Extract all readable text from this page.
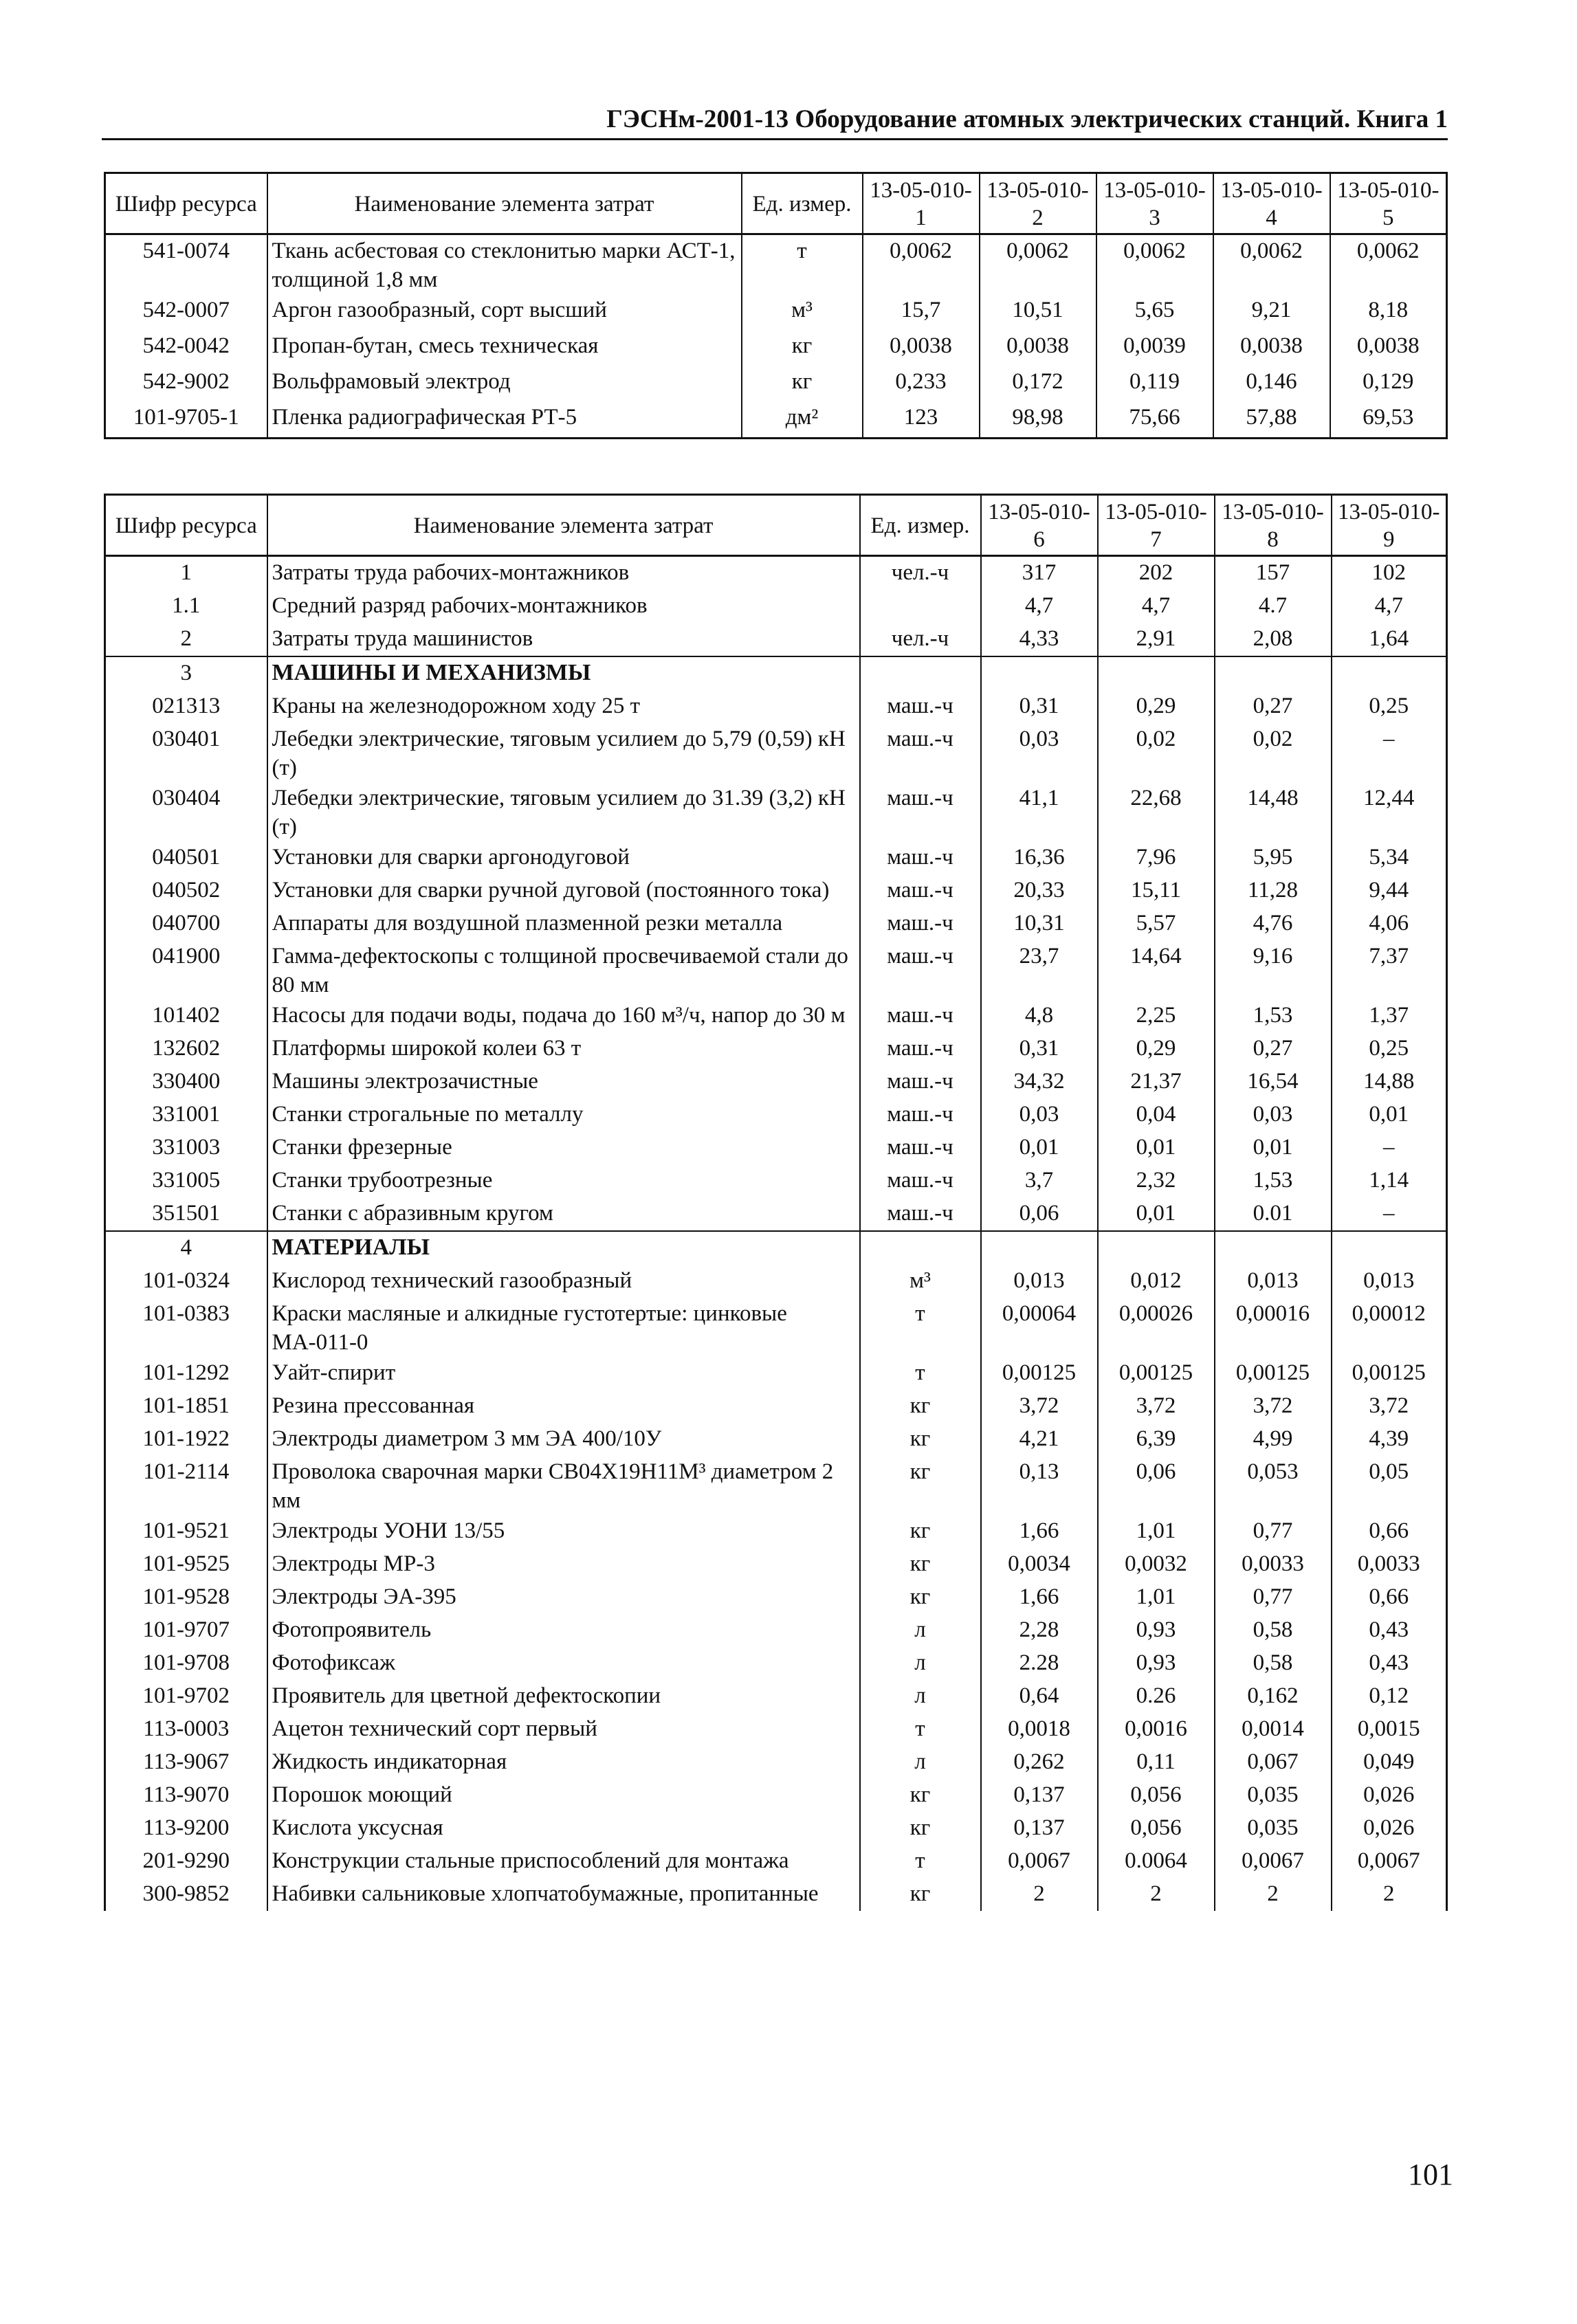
ГЭСНм-2001-13 Оборудование атомных электрических станций. Книга 1
Шифр ресурса	Наименование элемента затрат	Ед. измер.	13-05-010-1	13-05-010-2	13-05-010-3	13-05-010-4	13-05-010-5
541-0074	Ткань асбестовая со стеклонитью марки АСТ-1, толщиной 1,8 мм	т	0,0062	0,0062	0,0062	0,0062	0,0062
542-0007	Аргон газообразный, сорт высший	м³	15,7	10,51	5,65	9,21	8,18
542-0042	Пропан-бутан, смесь техническая	кг	0,0038	0,0038	0,0039	0,0038	0,0038
542-9002	Вольфрамовый электрод	кг	0,233	0,172	0,119	0,146	0,129
101-9705-1	Пленка радиографическая РТ-5	дм²	123	98,98	75,66	57,88	69,53
Шифр ресурса	Наименование элемента затрат	Ед. измер.	13-05-010-6	13-05-010-7	13-05-010-8	13-05-010-9
1	Затраты труда рабочих-монтажников	чел.-ч	317	202	157	102
1.1	Средний разряд рабочих-монтажников		4,7	4,7	4.7	4,7
2	Затраты труда машинистов	чел.-ч	4,33	2,91	2,08	1,64
3	МАШИНЫ И МЕХАНИЗМЫ					
021313	Краны на железнодорожном ходу 25 т	маш.-ч	0,31	0,29	0,27	0,25
030401	Лебедки электрические, тяговым усилием до 5,79 (0,59) кН (т)	маш.-ч	0,03	0,02	0,02	–
030404	Лебедки электрические, тяговым усилием до 31.39 (3,2) кН (т)	маш.-ч	41,1	22,68	14,48	12,44
040501	Установки для сварки аргонодуговой	маш.-ч	16,36	7,96	5,95	5,34
040502	Установки для сварки ручной дуговой (постоянного тока)	маш.-ч	20,33	15,11	11,28	9,44
040700	Аппараты для воздушной плазменной резки металла	маш.-ч	10,31	5,57	4,76	4,06
041900	Гамма-дефектоскопы с толщиной просвечиваемой стали до 80 мм	маш.-ч	23,7	14,64	9,16	7,37
101402	Насосы для подачи воды, подача до 160 м³/ч, напор до 30 м	маш.-ч	4,8	2,25	1,53	1,37
132602	Платформы широкой колеи 63 т	маш.-ч	0,31	0,29	0,27	0,25
330400	Машины электрозачистные	маш.-ч	34,32	21,37	16,54	14,88
331001	Станки строгальные по металлу	маш.-ч	0,03	0,04	0,03	0,01
331003	Станки фрезерные	маш.-ч	0,01	0,01	0,01	–
331005	Станки трубоотрезные	маш.-ч	3,7	2,32	1,53	1,14
351501	Станки с абразивным кругом	маш.-ч	0,06	0,01	0.01	–
4	МАТЕРИАЛЫ					
101-0324	Кислород технический газообразный	м³	0,013	0,012	0,013	0,013
101-0383	Краски масляные и алкидные густотертые: цинковые МА-011-0	т	0,00064	0,00026	0,00016	0,00012
101-1292	Уайт-спирит	т	0,00125	0,00125	0,00125	0,00125
101-1851	Резина прессованная	кг	3,72	3,72	3,72	3,72
101-1922	Электроды диаметром 3 мм ЭА 400/10У	кг	4,21	6,39	4,99	4,39
101-2114	Проволока сварочная марки СВ04Х19Н11М³ диаметром 2 мм	кг	0,13	0,06	0,053	0,05
101-9521	Электроды УОНИ 13/55	кг	1,66	1,01	0,77	0,66
101-9525	Электроды МР-3	кг	0,0034	0,0032	0,0033	0,0033
101-9528	Электроды ЭА-395	кг	1,66	1,01	0,77	0,66
101-9707	Фотопроявитель	л	2,28	0,93	0,58	0,43
101-9708	Фотофиксаж	л	2.28	0,93	0,58	0,43
101-9702	Проявитель для цветной дефектоскопии	л	0,64	0.26	0,162	0,12
113-0003	Ацетон технический сорт первый	т	0,0018	0,0016	0,0014	0,0015
113-9067	Жидкость индикаторная	л	0,262	0,11	0,067	0,049
113-9070	Порошок моющий	кг	0,137	0,056	0,035	0,026
113-9200	Кислота уксусная	кг	0,137	0,056	0,035	0,026
201-9290	Конструкции стальные приспособлений для монтажа	т	0,0067	0.0064	0,0067	0,0067
300-9852	Набивки сальниковые хлопчатобумажные, пропитанные	кг	2	2	2	2
101
